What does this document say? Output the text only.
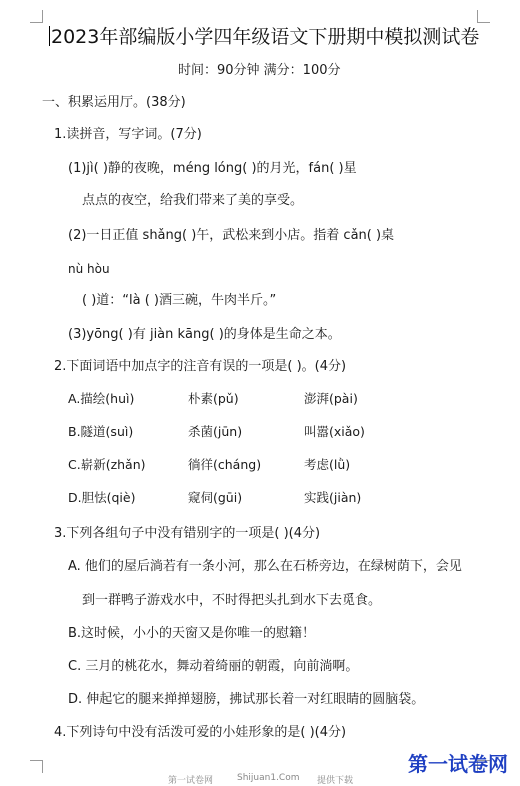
2023年部编版小学四年级语文下册期中模拟测试卷
时间：90分钟 满分：100分
一、积累运用厅。(38分)
1.读拼音，写字词。(7分)
(1)jì( )静的夜晚，méng lóng( )的月光，fán( )星
点点的夜空，给我们带来了美的享受。
(2)一日正值 shǎng( )午，武松来到小店。指着 cǎn( )桌
nù hòu
( )道：“là ( )酒三碗，牛肉半斤。”
(3)yōng( )有 jiàn kāng( )的身体是生命之本。
2.下面词语中加点字的注音有误的一项是( )。(4分)
A.描绘(huì)	朴素(pǔ)	澎湃(pài)
B.隧道(suì)	杀菌(jūn)	叫嚣(xiǎo)
C.崭新(zhǎn)	徜徉(cháng)	考虑(lǜ)
D.胆怯(qiè)	窥伺(gūi)	实践(jiàn)
3.下列各组句子中没有错别字的一项是( )(4分)
A. 他们的屋后淌若有一条小河，那么在石桥旁边，在绿树荫下，会见
到一群鸭子游戏水中，不时得把头扎到水下去觅食。
B.这时候，小小的天窗又是你唯一的慰籍！
C. 三月的桃花水，舞动着绮丽的朝霞，向前淌啊。
D. 伸起它的腿来掸掸翅膀，拂试那长着一对红眼睛的圆脑袋。
4.下列诗句中没有活泼可爱的小娃形象的是( )(4分)
第一试卷网	Shijuan1.Com 提供下载
第一试卷网
